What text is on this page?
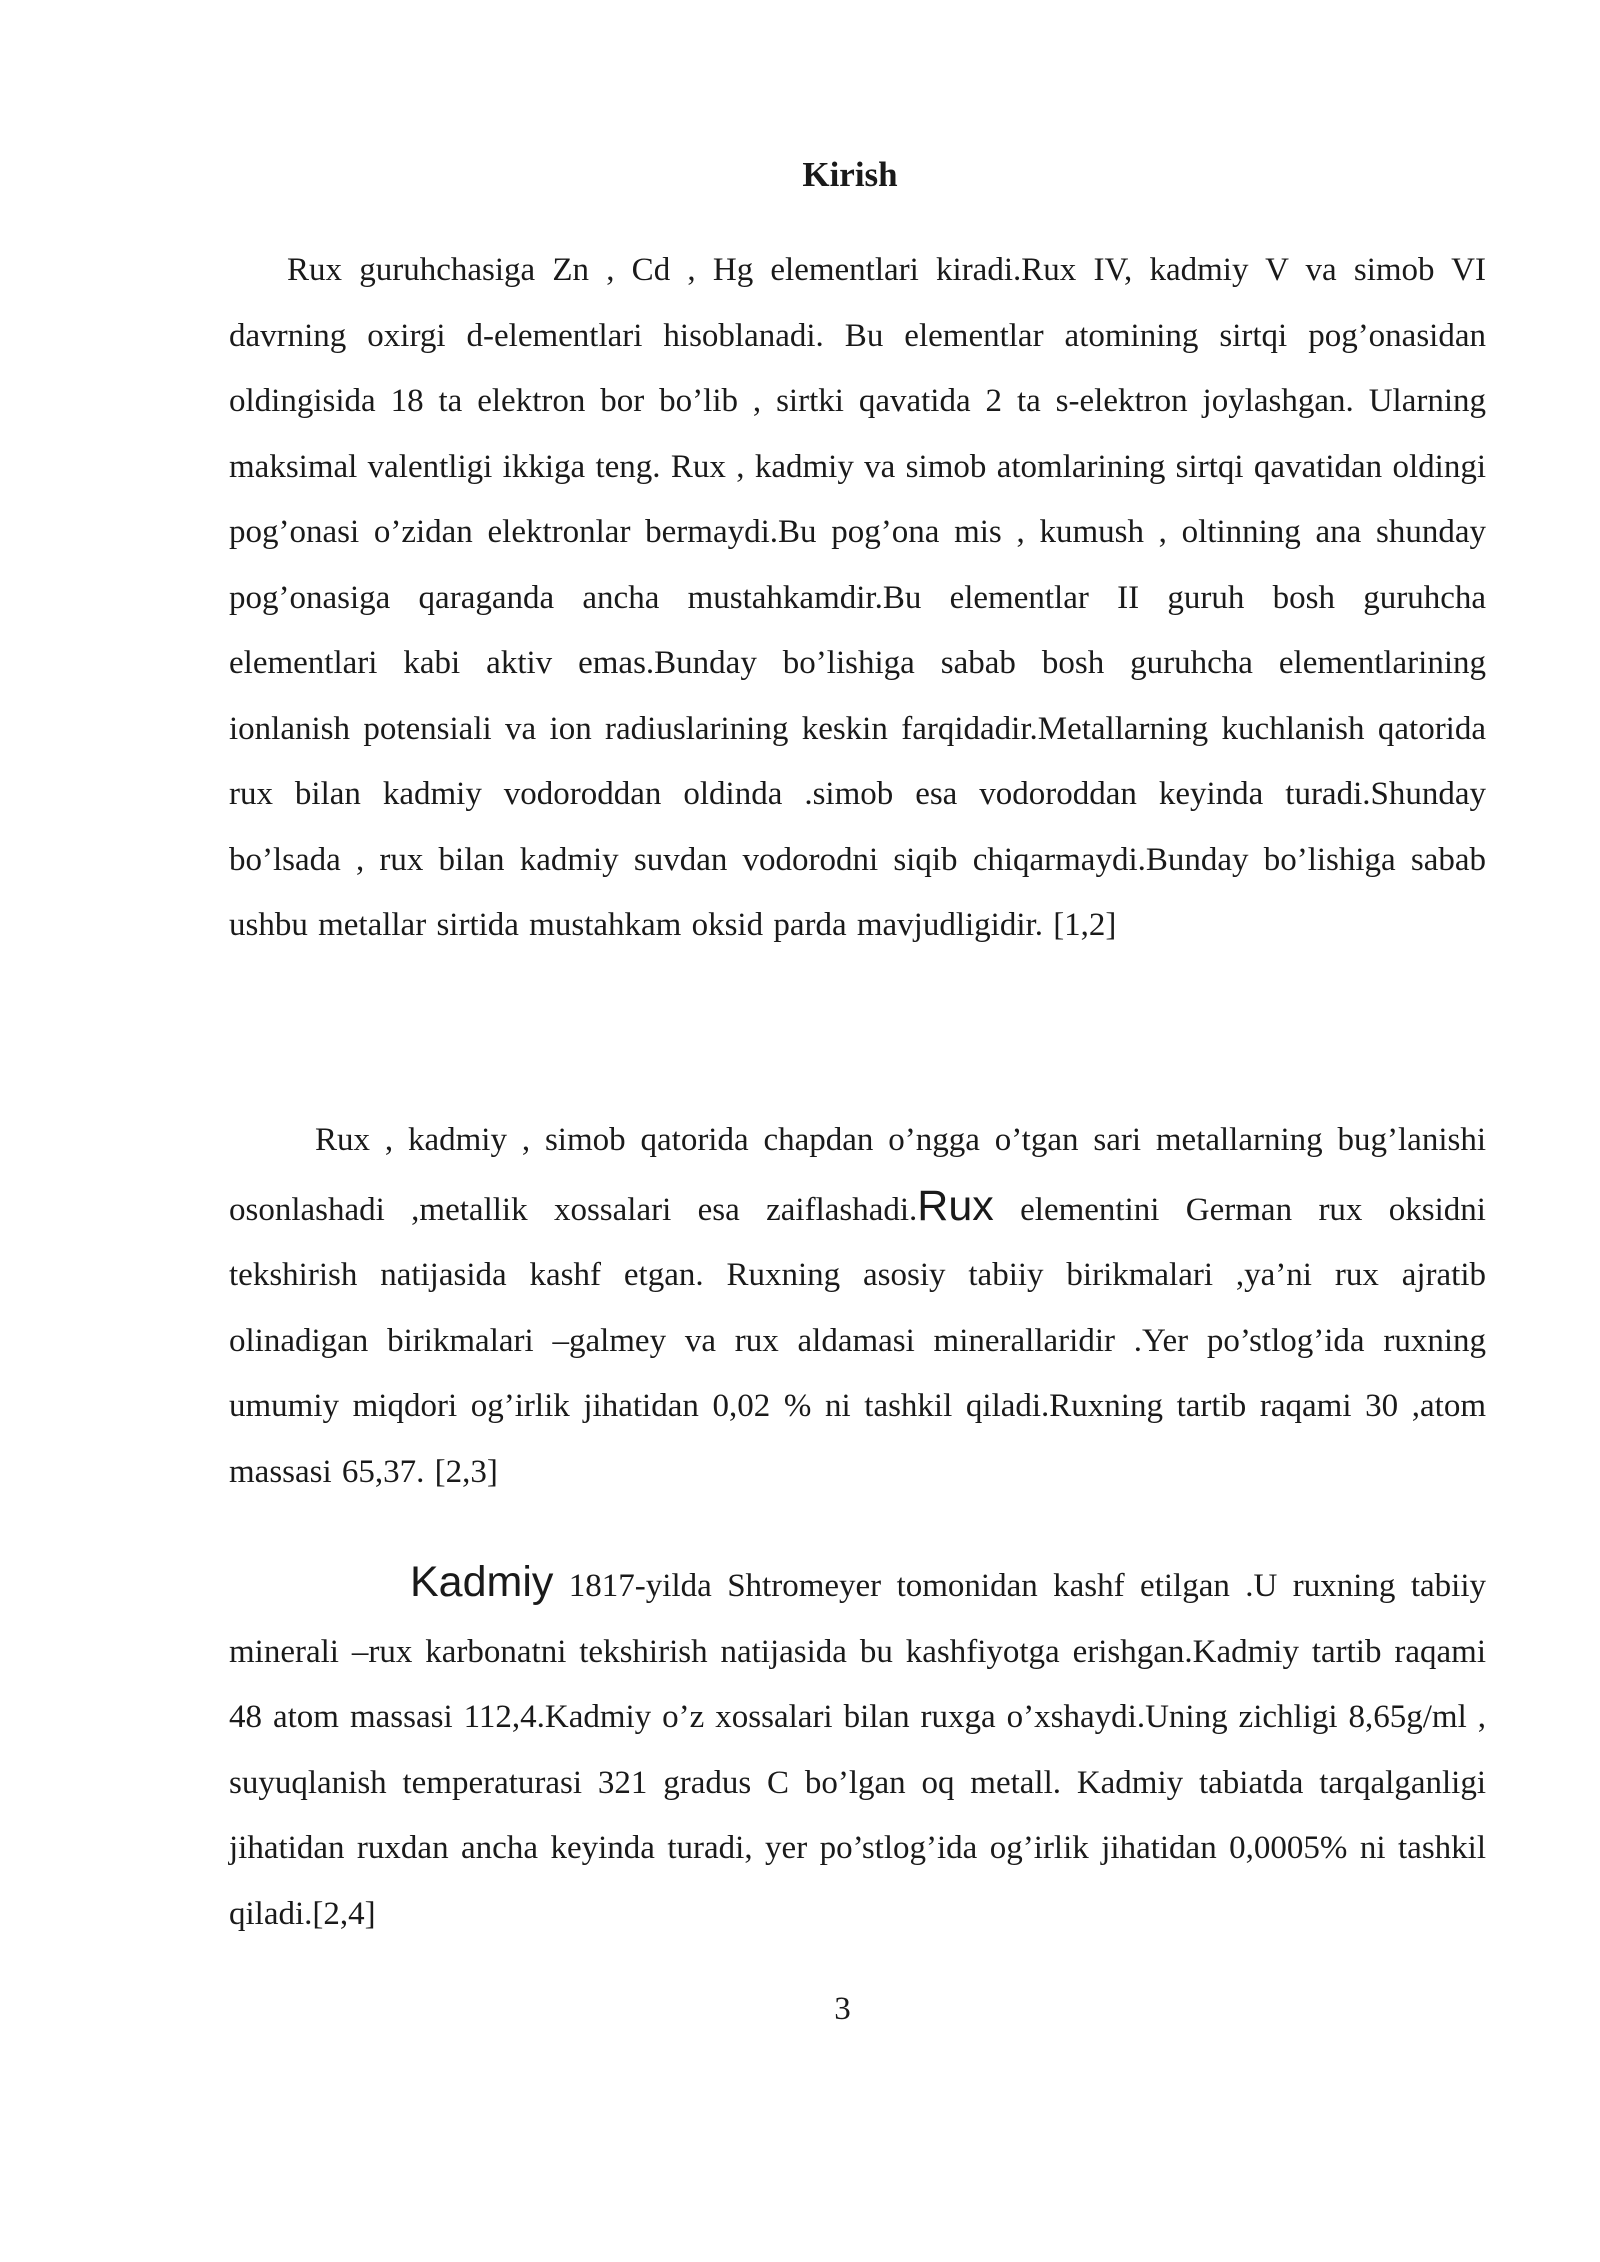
Kirish

Rux guruhchasiga Zn , Cd , Hg elementlari kiradi.Rux IV, kadmiy V va simob VI davrning oxirgi d-elementlari hisoblanadi. Bu elementlar atomining sirtqi pog’onasidan oldingisida 18 ta elektron bor bo’lib , sirtki qavatida 2 ta s-elektron joylashgan. Ularning maksimal valentligi ikkiga teng. Rux , kadmiy va simob atomlarining sirtqi qavatidan oldingi pog’onasi o’zidan elektronlar bermaydi.Bu pog’ona mis , kumush , oltinning ana shunday pog’onasiga qaraganda ancha mustahkamdir.Bu elementlar II guruh bosh guruhcha elementlari kabi aktiv emas.Bunday bo’lishiga sabab bosh guruhcha elementlarining ionlanish potensiali va ion radiuslarining keskin farqidadir.Metallarning kuchlanish qatorida rux bilan kadmiy vodoroddan oldinda .simob esa vodoroddan keyinda turadi.Shunday bo’lsada , rux bilan kadmiy suvdan vodorodni siqib chiqarmaydi.Bunday bo’lishiga sabab ushbu metallar sirtida mustahkam oksid parda mavjudligidir. [1,2]

Rux , kadmiy , simob qatorida chapdan o’ngga o’tgan sari metallarning bug’lanishi osonlashadi ,metallik xossalari esa zaiflashadi.Rux elementini German rux oksidni tekshirish natijasida kashf etgan. Ruxning asosiy tabiiy birikmalari ,ya’ni rux ajratib olinadigan birikmalari –galmey va rux aldamasi minerallaridir .Yer po’stlog’ida ruxning umumiy miqdori og’irlik jihatidan 0,02 % ni tashkil qiladi.Ruxning tartib raqami 30 ,atom massasi 65,37. [2,3]

Kadmiy 1817-yilda Shtromeyer tomonidan kashf etilgan .U ruxning tabiiy minerali –rux karbonatni tekshirish natijasida bu kashfiyotga erishgan.Kadmiy tartib raqami 48 atom massasi 112,4.Kadmiy o’z xossalari bilan ruxga o’xshaydi.Uning zichligi 8,65g/ml , suyuqlanish temperaturasi 321 gradus C bo’lgan oq metall. Kadmiy tabiatda tarqalganligi jihatidan ruxdan ancha keyinda turadi, yer po’stlog’ida og’irlik jihatidan 0,0005% ni tashkil qiladi.[2,4]

3
